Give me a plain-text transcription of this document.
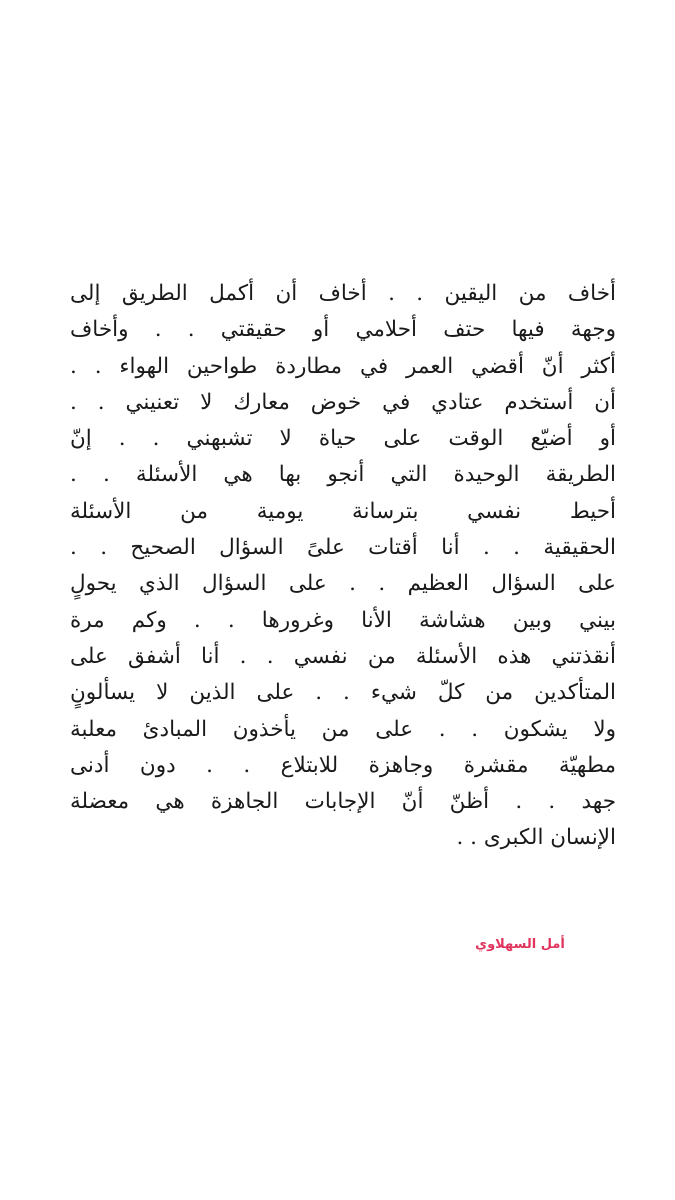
أخاف من اليقين . . أخاف أن أكمل الطريق إلى
وجهة فيها حتف أحلامي أو حقيقتي . . وأخاف
أكثر أنّ أقضي العمر في مطاردة طواحين الهواء . .
أن أستخدم عتادي في خوض معارك لا تعنيني . .
أو أضيّع الوقت على حياة لا تشبهني . . إنّ
الطريقة الوحيدة التي أنجو بها هي الأسئلة . .
أحيط نفسي بترسانة يومية من الأسئلة
الحقيقية . . أنا أقتات علىً السؤال الصحيح . .
على السؤال العظيم . . على السؤال الذي يحولٍ
بيني وبين هشاشة الأنا وغرورها . . وكم مرة
أنقذتني هذه الأسئلة من نفسي . . أنا أشفق على
المتأكدين من كلّ شيء . . على الذين لا يسألونٍ
ولا يشكون . . على من يأخذون المبادئ معلبة
مطهيّة مقشرة وجاهزة للابتلاع . . دون أدنى
جهد . . أظنّ أنّ الإجابات الجاهزة هي معضلة
الإنسان الكبرى . .
أمل السهلاوي
